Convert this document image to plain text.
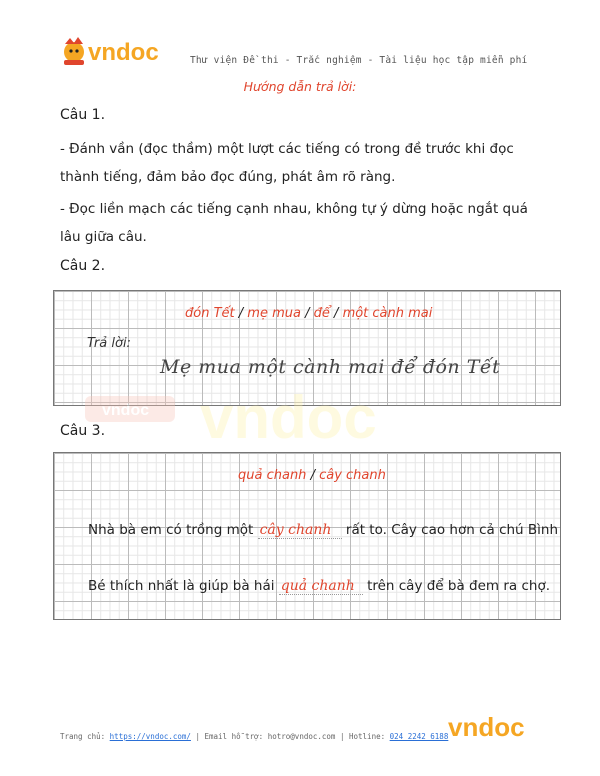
vndoc	Thư viện Đề thi - Trắc nghiệm - Tài liệu học tập miễn phí
Hướng dẫn trả lời:
Câu 1.
- Đánh vần (đọc thầm) một lượt các tiếng có trong đề trước khi đọc thành tiếng, đảm bảo đọc đúng, phát âm rõ ràng.
- Đọc liền mạch các tiếng cạnh nhau, không tự ý dừng hoặc ngắt quá lâu giữa câu.
Câu 2.
đón Tết / mẹ mua / để / một cành mai
Trả lời:
Mẹ mua một cành mai để đón Tết
vndoc vndoc
Câu 3.
quả chanh / cây chanh
Nhà bà em có trồng một cây chanh rất to. Cây cao hơn cả chú Bình
Bé thích nhất là giúp bà hái quả chanh trên cây để bà đem ra chợ.
Trang chủ: https://vndoc.com/ | Email hỗ trợ: hotro@vndoc.com | Hotline: 024 2242 6188 vndoc
